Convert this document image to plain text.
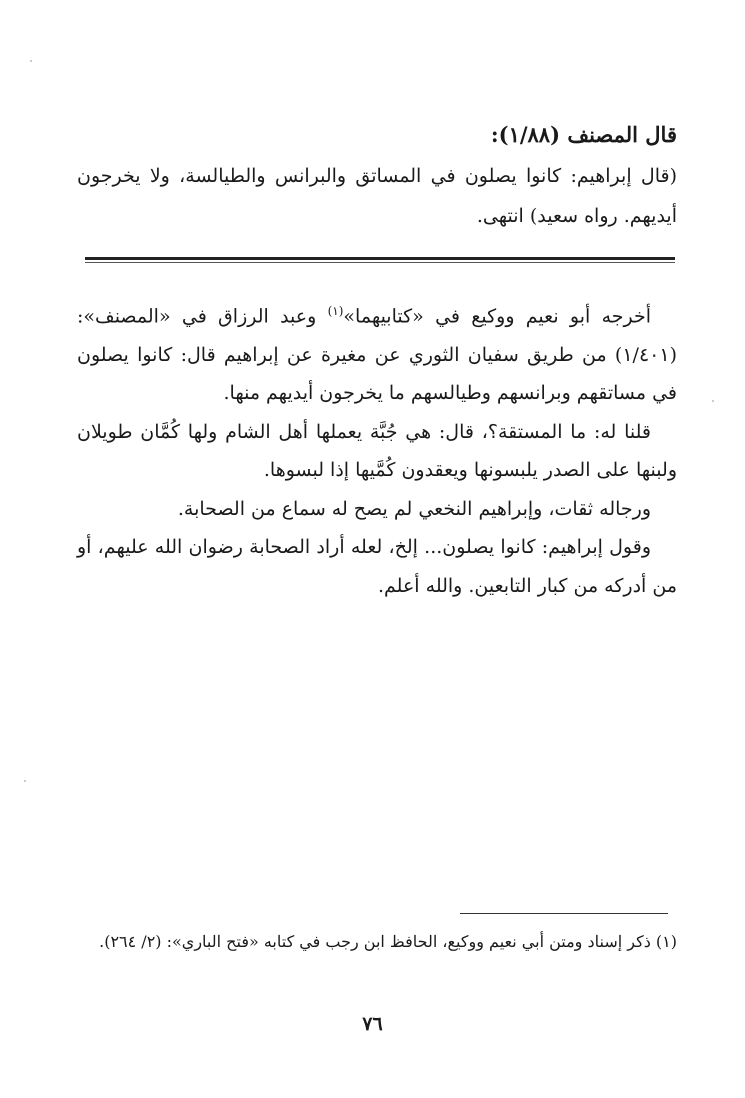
قال المصنف (١/٨٨):
(قال إبراهيم: كانوا يصلون في المساتق والبرانس والطيالسة، ولا يخرجون أيديهم. رواه سعيد) انتهى.

أخرجه أبو نعيم ووكيع في «كتابيهما»$^{(١)}$ وعبد الرزاق في «المصنف»: (١/٤٠١) من طريق سفيان الثوري عن مغيرة عن إبراهيم قال: كانوا يصلون في مساتقهم وبرانسهم وطيالسهم ما يخرجون أيديهم منها.

قلنا له: ما المستقة؟، قال: هي جُبَّة يعملها أهل الشام ولها كُمَّان طويلان ولبنها على الصدر يلبسونها ويعقدون كُمَّيها إذا لبسوها.

ورجاله ثقات، وإبراهيم النخعي لم يصح له سماع من الصحابة.

وقول إبراهيم: كانوا يصلون... إلخ، لعله أراد الصحابة رضوان الله عليهم، أو من أدركه من كبار التابعين. والله أعلم.

(١) ذكر إسناد ومتن أبي نعيم ووكيع، الحافظ ابن رجب في كتابه «فتح الباري»: (٢/ ٢٦٤).
٧٦
